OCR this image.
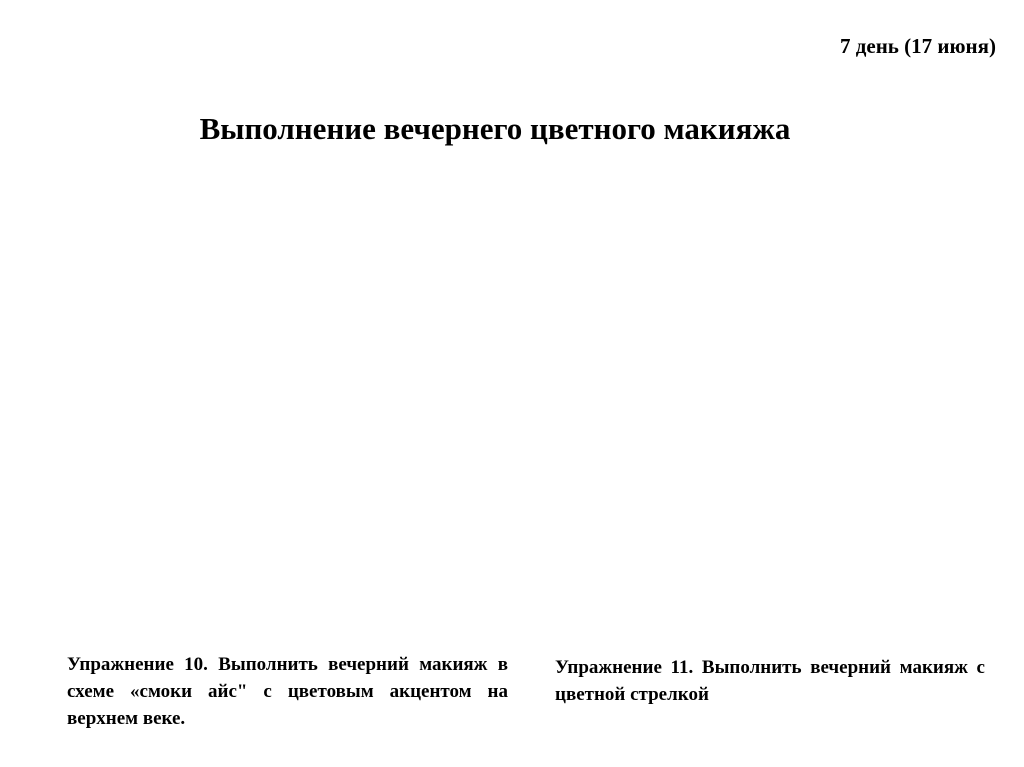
7 день (17 июня)
Выполнение вечернего цветного макияжа
Упражнение 10. Выполнить вечерний макияж в схеме «смоки айс" с цветовым акцентом на верхнем веке.
Упражнение 11. Выполнить вечерний макияж с цветной стрелкой
